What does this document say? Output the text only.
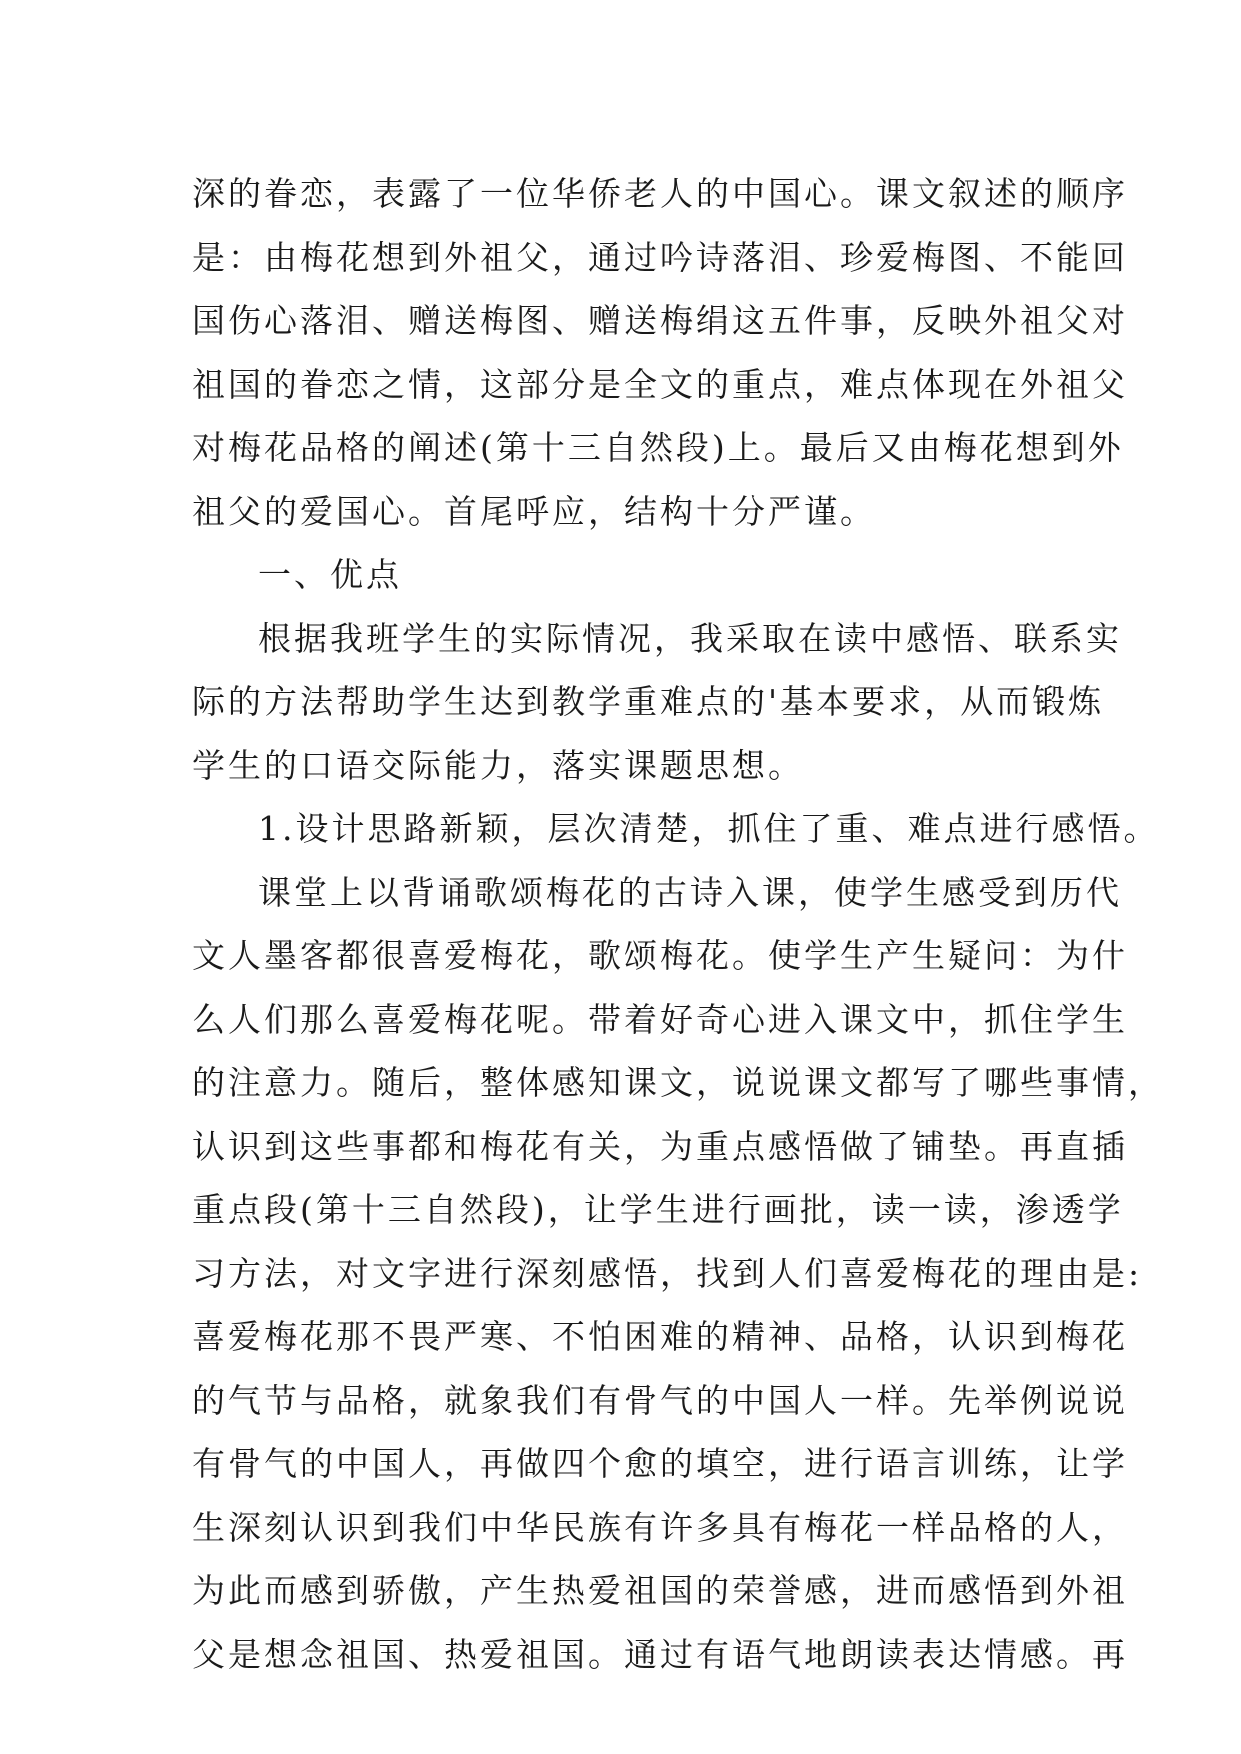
深的眷恋，表露了一位华侨老人的中国心。课文叙述的顺序
是：由梅花想到外祖父，通过吟诗落泪、珍爱梅图、不能回
国伤心落泪、赠送梅图、赠送梅绢这五件事，反映外祖父对
祖国的眷恋之情，这部分是全文的重点，难点体现在外祖父
对梅花品格的阐述(第十三自然段)上。最后又由梅花想到外
祖父的爱国心。首尾呼应，结构十分严谨。
一、优点
根据我班学生的实际情况，我采取在读中感悟、联系实
际的方法帮助学生达到教学重难点的'基本要求，从而锻炼
学生的口语交际能力，落实课题思想。
1.设计思路新颖，层次清楚，抓住了重、难点进行感悟。
课堂上以背诵歌颂梅花的古诗入课，使学生感受到历代
文人墨客都很喜爱梅花，歌颂梅花。使学生产生疑问：为什
么人们那么喜爱梅花呢。带着好奇心进入课文中，抓住学生
的注意力。随后，整体感知课文，说说课文都写了哪些事情，
认识到这些事都和梅花有关，为重点感悟做了铺垫。再直插
重点段(第十三自然段)，让学生进行画批，读一读，渗透学
习方法，对文字进行深刻感悟，找到人们喜爱梅花的理由是:
喜爱梅花那不畏严寒、不怕困难的精神、品格，认识到梅花
的气节与品格，就象我们有骨气的中国人一样。先举例说说
有骨气的中国人，再做四个愈的填空，进行语言训练，让学
生深刻认识到我们中华民族有许多具有梅花一样品格的人，
为此而感到骄傲，产生热爱祖国的荣誉感，进而感悟到外祖
父是想念祖国、热爱祖国。通过有语气地朗读表达情感。再
